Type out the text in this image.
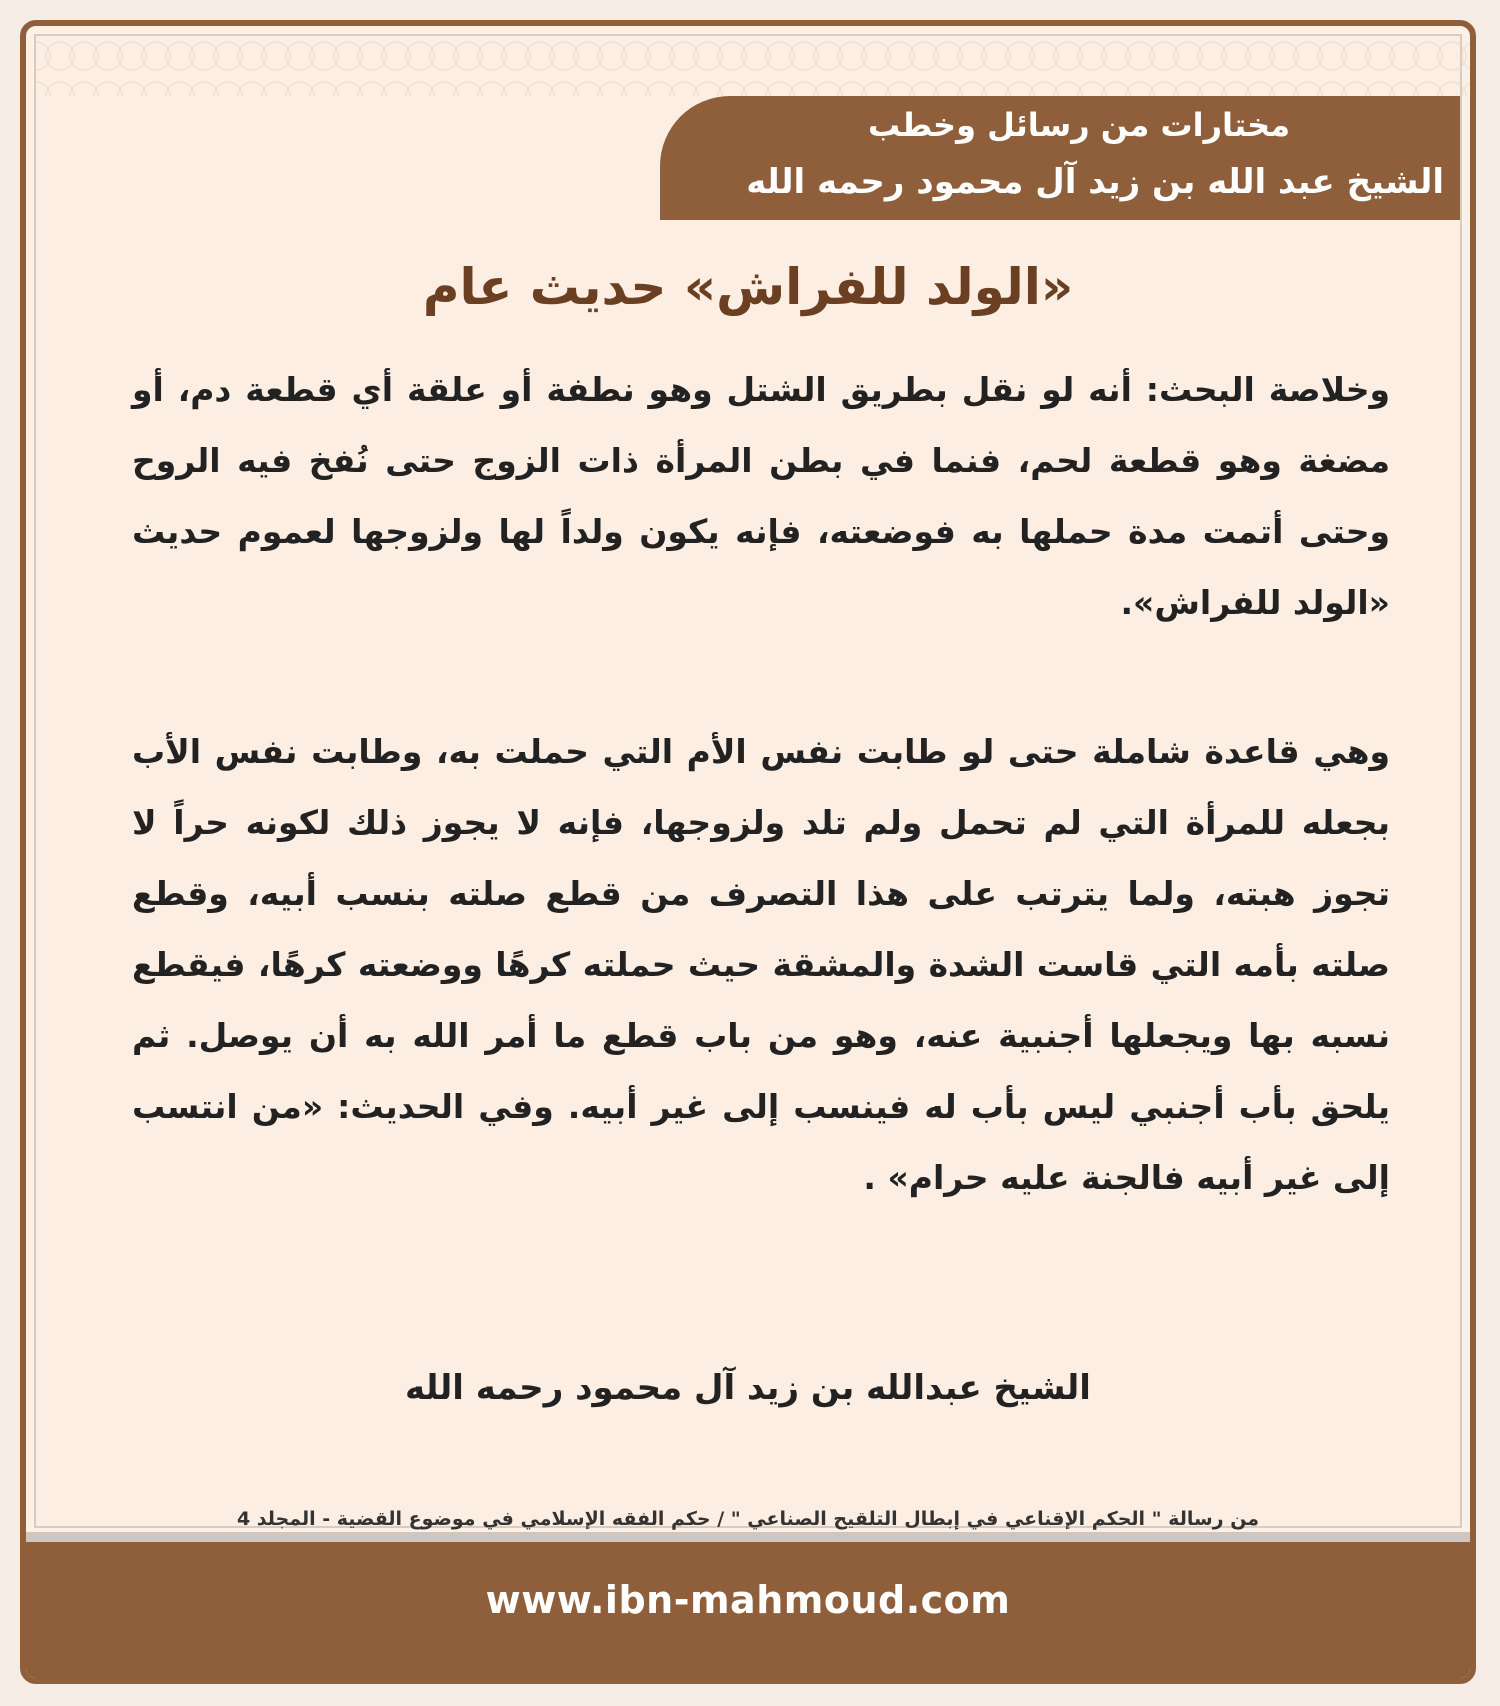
مختارات من رسائل وخطب
الشيخ عبد الله بن زيد آل محمود رحمه الله
«الولد للفراش» حديث عام
وخلاصة البحث: أنه لو نقل بطريق الشتل وهو نطفة أو علقة أي قطعة دم، أو مضغة وهو قطعة لحم، فنما في بطن المرأة ذات الزوج حتى نُفخ فيه الروح وحتى أتمت مدة حملها به فوضعته، فإنه يكون ولداً لها ولزوجها لعموم حديث «الولد للفراش».
وهي قاعدة شاملة حتى لو طابت نفس الأم التي حملت به، وطابت نفس الأب بجعله للمرأة التي لم تحمل ولم تلد ولزوجها، فإنه لا يجوز ذلك لكونه حراً لا تجوز هبته، ولما يترتب على هذا التصرف من قطع صلته بنسب أبيه، وقطع صلته بأمه التي قاست الشدة والمشقة حيث حملته كرهًا ووضعته كرهًا، فيقطع نسبه بها ويجعلها أجنبية عنه، وهو من باب قطع ما أمر الله به أن يوصل. ثم يلحق بأب أجنبي ليس بأب له فينسب إلى غير أبيه. وفي الحديث: «من انتسب إلى غير أبيه فالجنة عليه حرام» .
الشيخ عبدالله بن زيد آل محمود رحمه الله
من رسالة " الحكم الإقناعي في إبطال التلقيح الصناعي " / حكم الفقه الإسلامي في موضوع القضية - المجلد 4
www.ibn-mahmoud.com
